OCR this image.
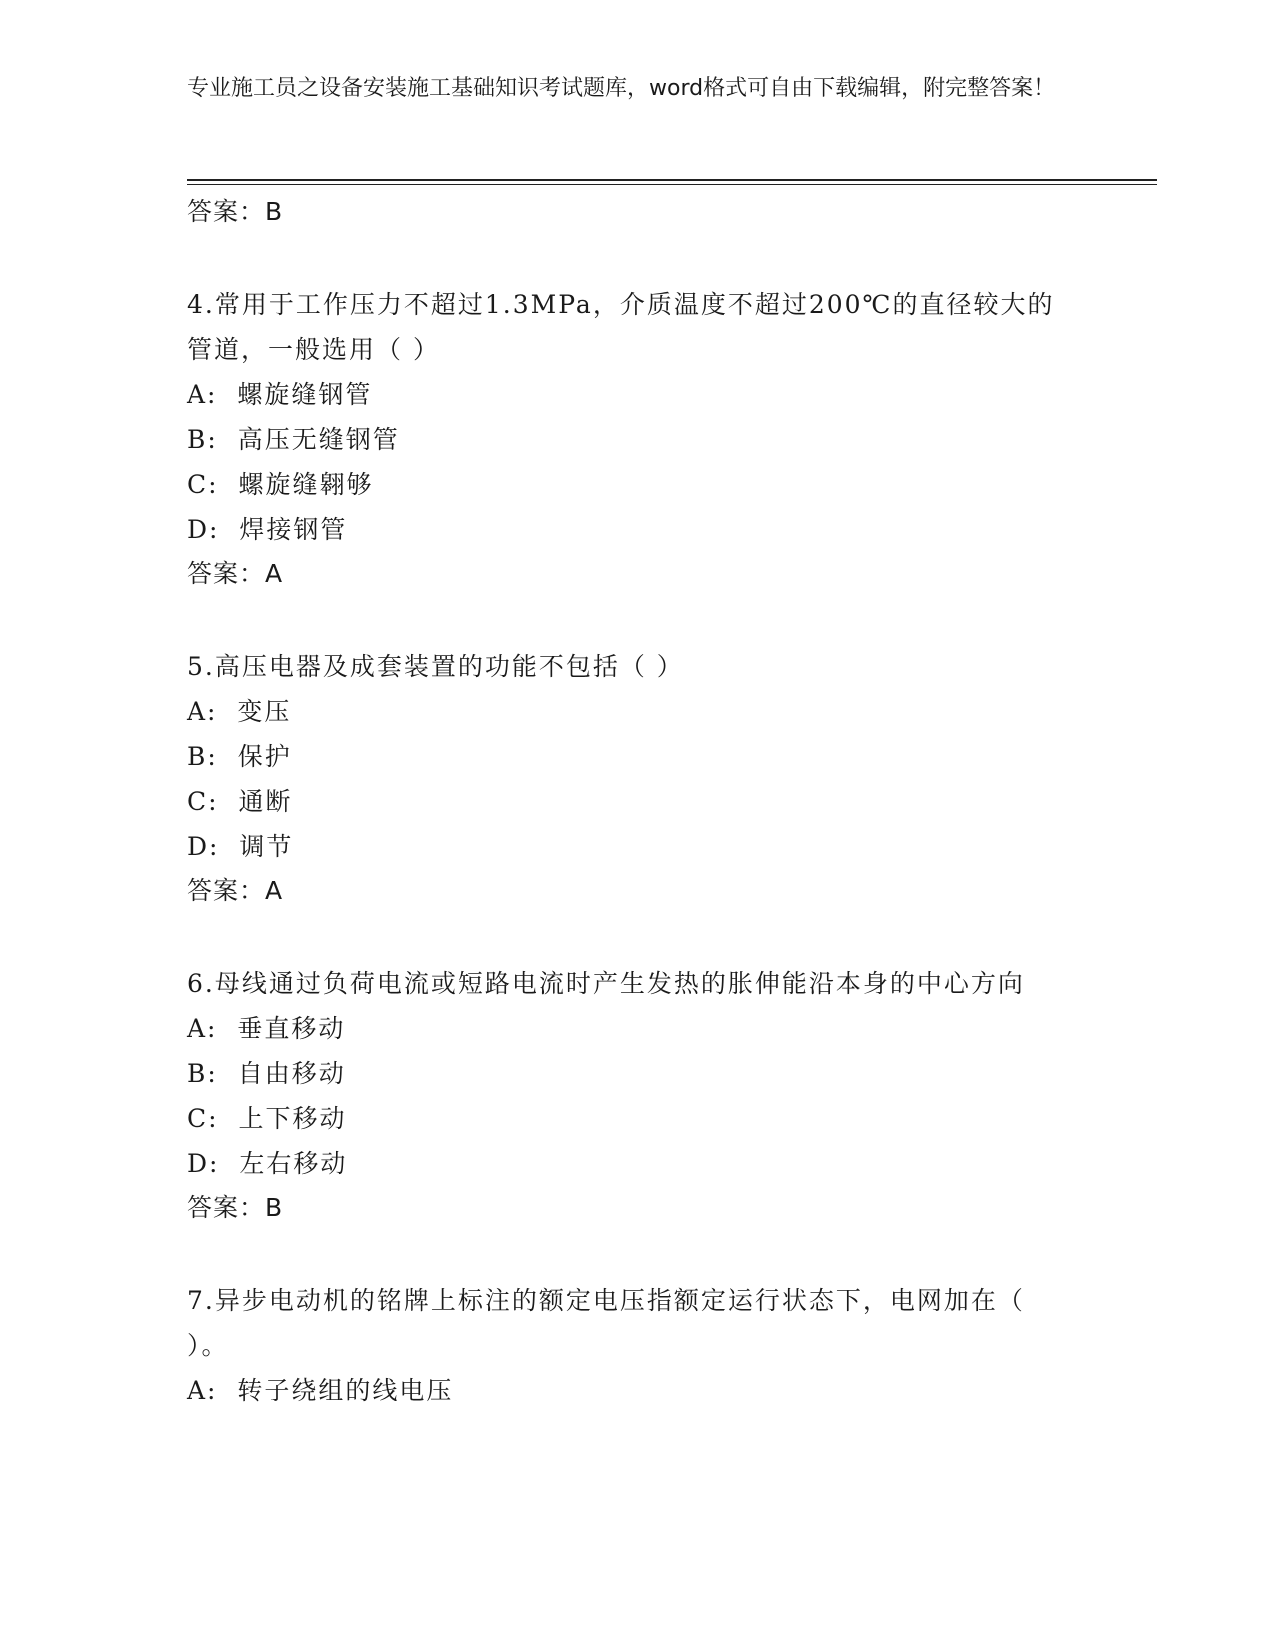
专业施工员之设备安装施工基础知识考试题库，word格式可自由下载编辑，附完整答案！

答案：B

4.常用于工作压力不超过1.3MPa，介质温度不超过200℃的直径较大的管道，一般选用（ ）

A:  螺旋缝钢管

B:  高压无缝钢管

C:  螺旋缝翱够

D:  焊接钢管

答案：A

5.高压电器及成套装置的功能不包括（ ）

A:  变压

B:  保护

C:  通断

D:  调节

答案：A

6.母线通过负荷电流或短路电流时产生发热的胀伸能沿本身的中心方向

A:  垂直移动

B:  自由移动

C:  上下移动

D:  左右移动

答案：B

7.异步电动机的铭牌上标注的额定电压指额定运行状态下，电网加在（ ）。

A:  转子绕组的线电压
